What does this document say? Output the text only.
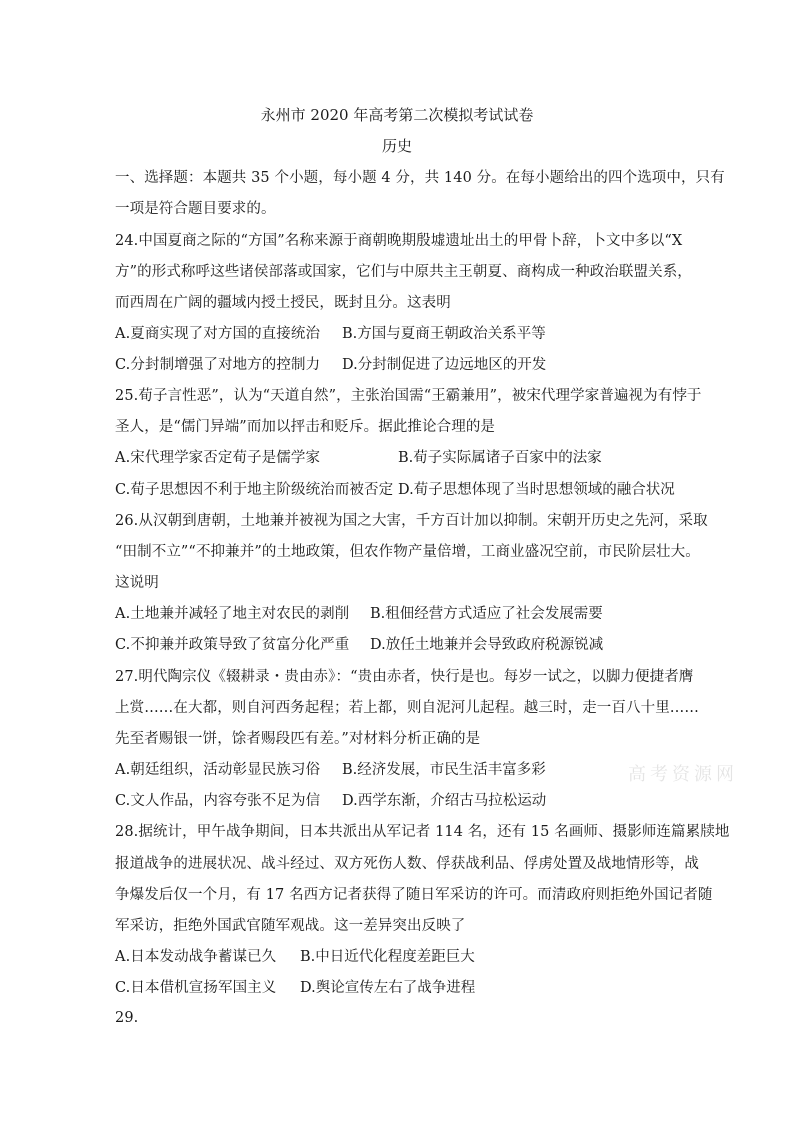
永州市 2020 年高考第二次模拟考试试卷
历史
一、选择题：本题共 35 个小题，每小题 4 分，共 140 分。在每小题给出的四个选项中，只有
一项是符合题目要求的。
24.中国夏商之际的“方国”名称来源于商朝晚期殷墟遗址出土的甲骨卜辞，卜文中多以“X
方”的形式称呼这些诸侯部落或国家，它们与中原共主王朝夏、商构成一种政治联盟关系，
而西周在广阔的疆域内授土授民，既封且分。这表明
A.夏商实现了对方国的直接统治 B.方国与夏商王朝政治关系平等
C.分封制增强了对地方的控制力 D.分封制促进了边远地区的开发
25.荀子言性恶”，认为“天道自然”，主张治国需“王霸兼用”，被宋代理学家普遍视为有悖于
圣人，是“儒门异端”而加以抨击和贬斥。据此推论合理的是
A.宋代理学家否定荀子是儒学家	B.荀子实际属诸子百家中的法家
C.荀子思想因不利于地主阶级统治而被否定 D.荀子思想体现了当时思想领域的融合状况
26.从汉朝到唐朝，土地兼并被视为国之大害，千方百计加以抑制。宋朝开历史之先河，采取
“田制不立”“不抑兼并”的土地政策，但农作物产量倍增，工商业盛况空前，市民阶层壮大。
这说明
A.土地兼并减轻了地主对农民的剥削 B.租佃经营方式适应了社会发展需要
C.不抑兼并政策导致了贫富分化严重 D.放任土地兼并会导致政府税源锐减
27.明代陶宗仪《辍耕录・贵由赤》：“贵由赤者，快行是也。每岁一试之，以脚力便捷者膺
上赏……在大都，则自河西务起程；若上都，则自泥河儿起程。越三时，走一百八十里……
先至者赐银一饼，馀者赐段匹有差。”对材料分析正确的是
A.朝廷组织，活动彰显民族习俗 B.经济发展，市民生活丰富多彩
C.文人作品，内容夸张不足为信 D.西学东渐，介绍古马拉松运动
28.据统计，甲午战争期间，日本共派出从军记者 114 名，还有 15 名画师、摄影师连篇累牍地
报道战争的进展状况、战斗经过、双方死伤人数、俘获战利品、俘虏处置及战地情形等，战
争爆发后仅一个月，有 17 名西方记者获得了随日军采访的许可。而清政府则拒绝外国记者随
军采访，拒绝外国武官随军观战。这一差异突出反映了
A.日本发动战争蓄谋已久 B.中日近代化程度差距巨大
C.日本借机宣扬军国主义 D.舆论宣传左右了战争进程
29.
高考资源网
